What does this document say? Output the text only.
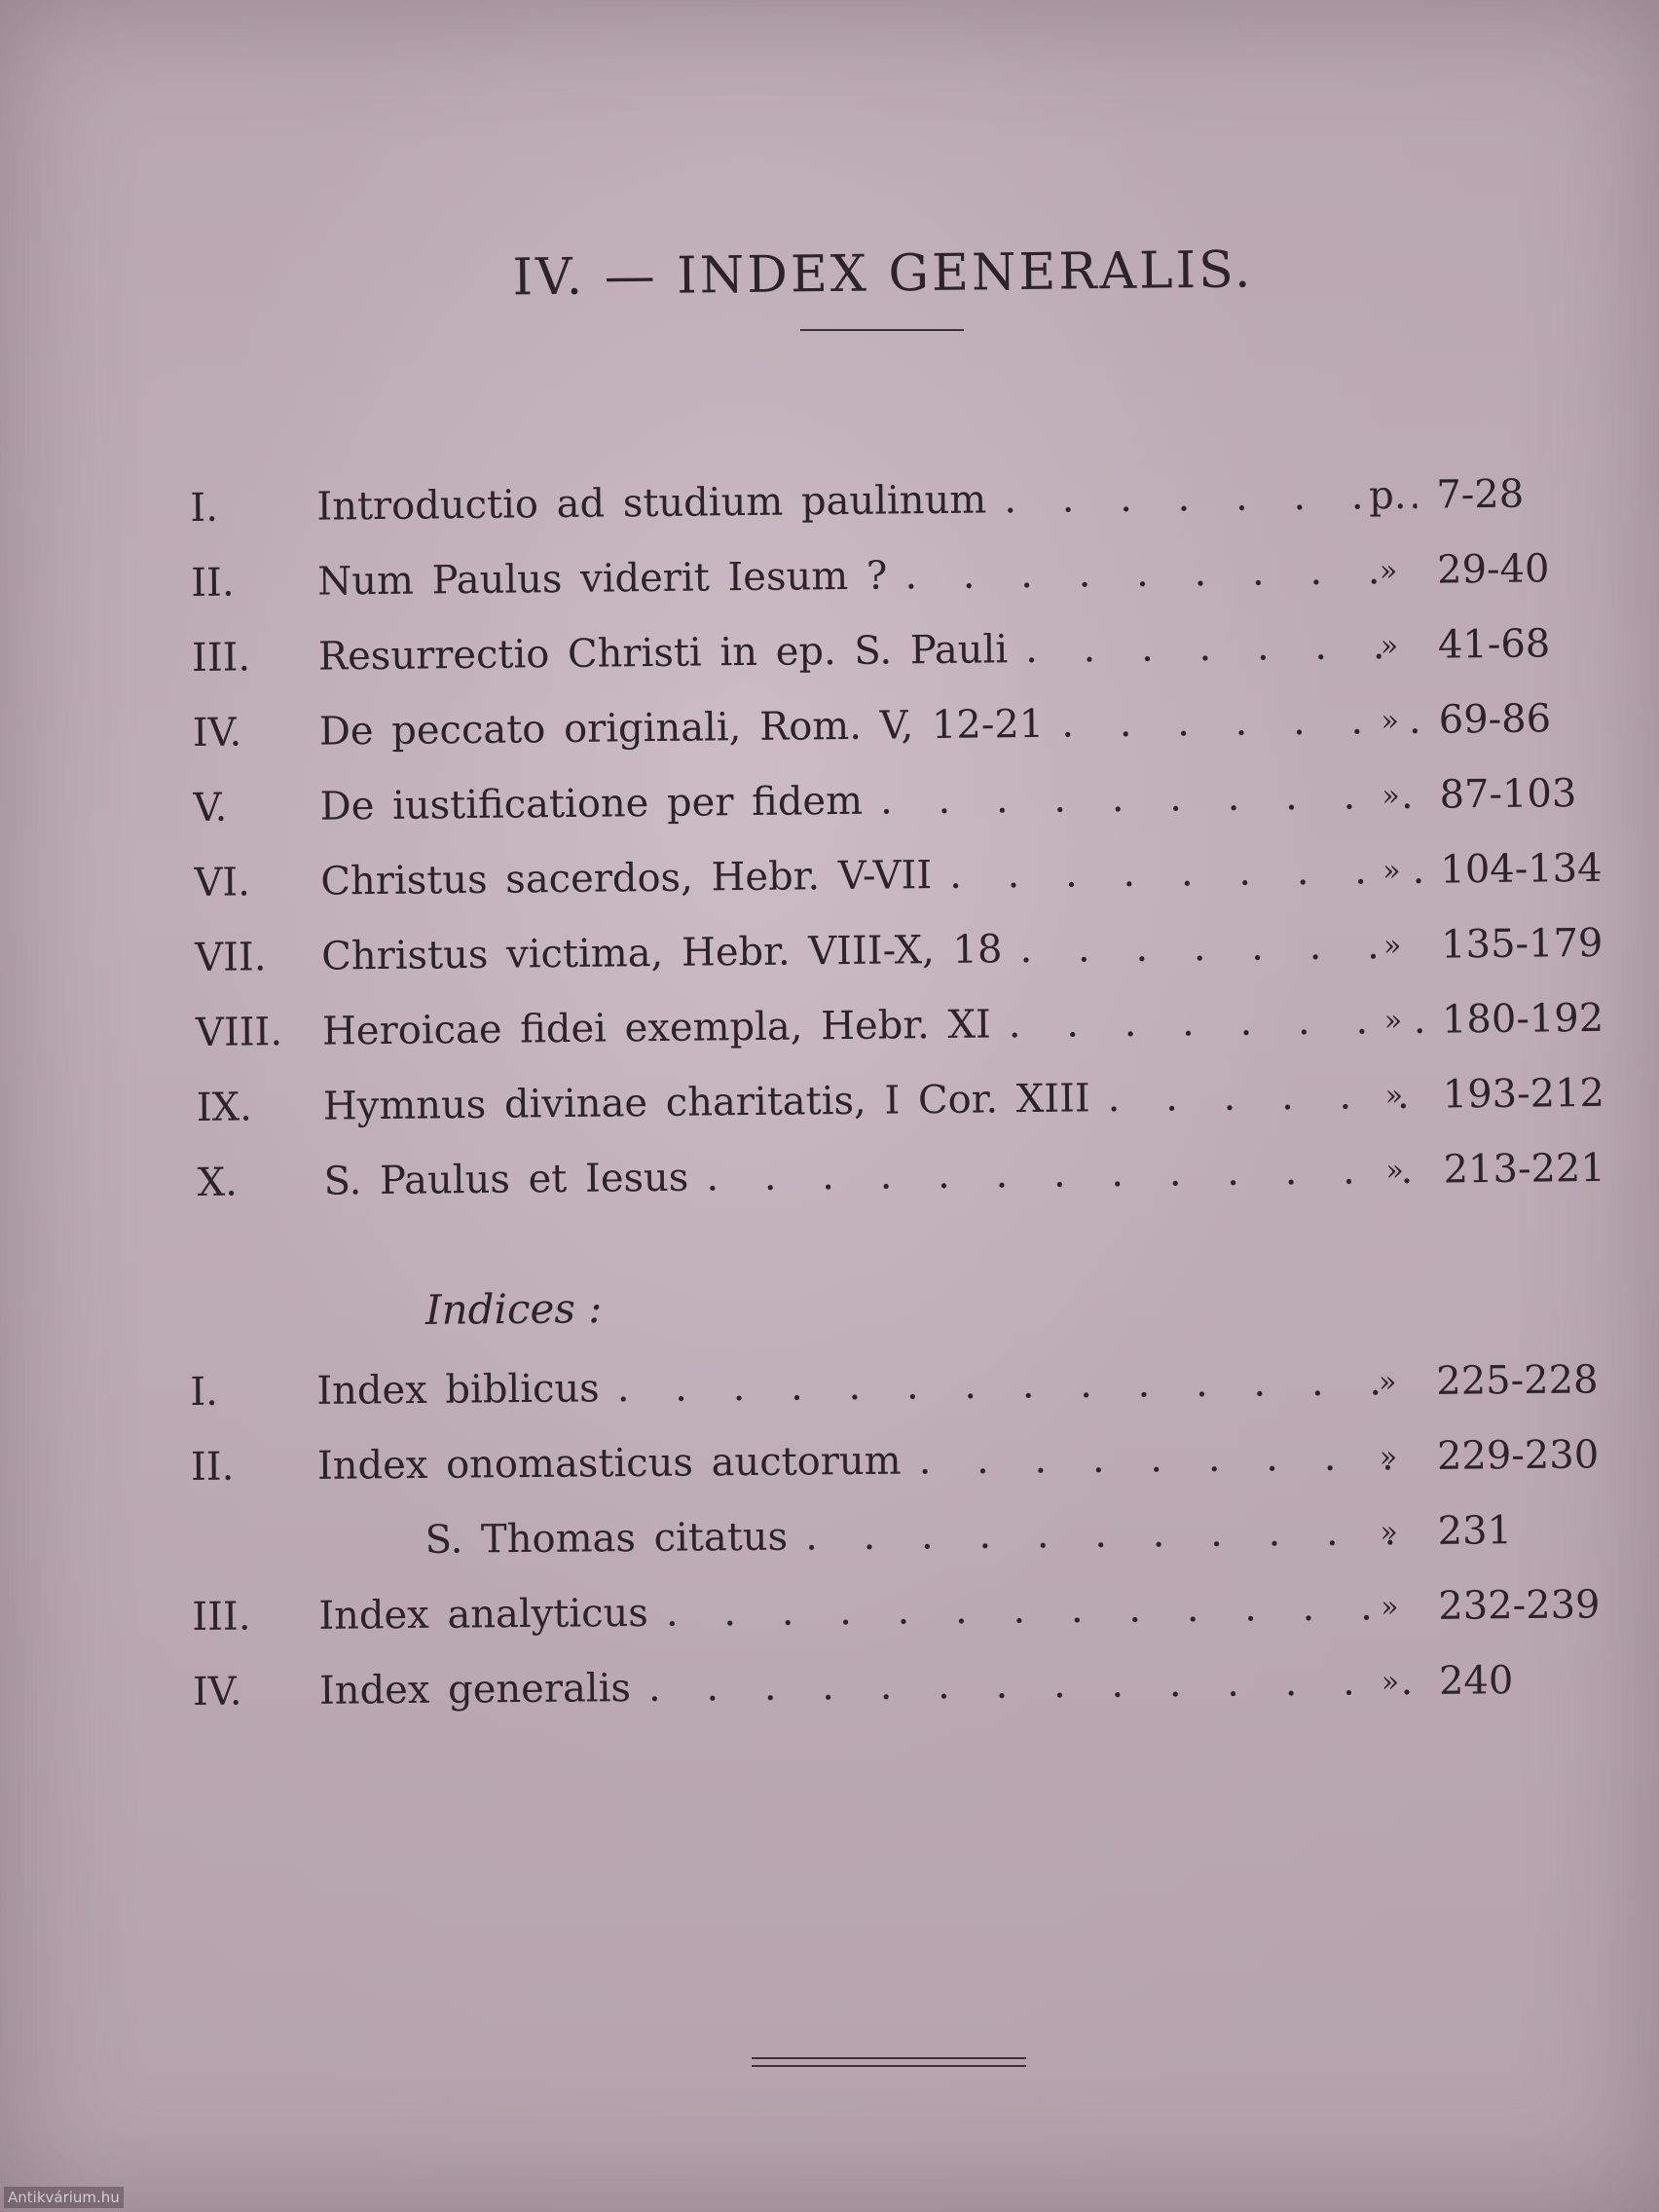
IV. — INDEX GENERALIS.
I.	Introductio ad studium paulinum . . .	p. 7-28
II. Num Paulus viderit Iesum ? . . .	»	29-40
III. Resurrectio Christi in ep. S. Pauli . . .	»	41-68
IV. De peccato originali, Rom. V, 12-21 . . .	»	69-86
V. De iustificatione per fidem . . .	»	87-103
VI. Christus sacerdos, Hebr. V-VII . . .	»	104-134
VII. Christus victima, Hebr. VIII-X, 18 . . .	»	135-179
VIII. Heroicae fidei exempla, Hebr. XI . . .	»	180-192
IX. Hymnus divinae charitatis, I Cor. XIII . . .	»	193-212
X. S. Paulus et Iesus . . .	»	213-221
Indices :
I.	Index biblicus . . .	»	225-228
II. Index onomasticus auctorum . . .	»	229-230
S. Thomas citatus . . .	»	231
III. Index analyticus . . .	»	232-239
IV. Index generalis . . .	»	240
Antikvárium.hu
